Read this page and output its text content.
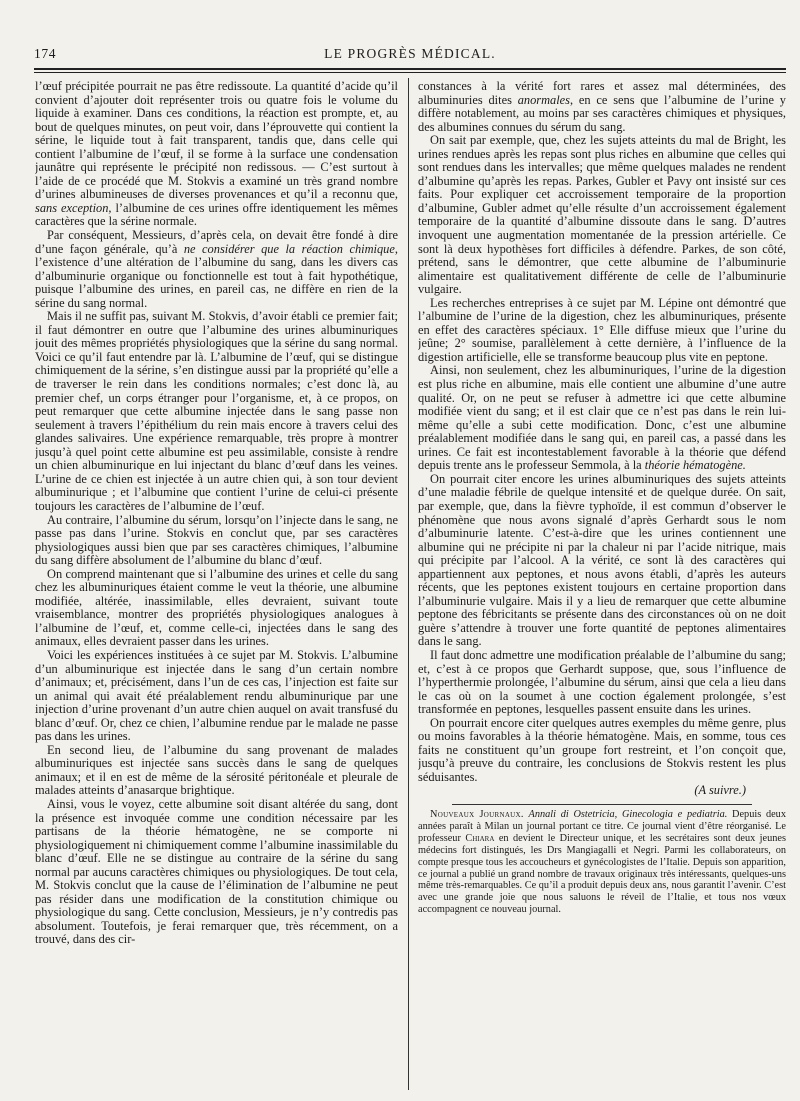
174	LE PROGRÈS MÉDICAL.

l’œuf précipitée pourrait ne pas être redissoute. La quantité d’acide qu’il convient d’ajouter doit représenter trois ou quatre fois le volume du liquide à examiner. Dans ces conditions, la réaction est prompte, et, au bout de quelques minutes, on peut voir, dans l’éprouvette qui contient la sérine, le liquide tout à fait transparent, tandis que, dans celle qui contient l’albumine de l’œuf, il se forme à la surface une condensation jaunâtre qui représente le précipité non redissous. — C’est surtout à l’aide de ce procédé que M. Stokvis a examiné un très grand nombre d’urines albumineuses de diverses provenances et qu’il a reconnu que, sans exception, l’albumine de ces urines offre identiquement les mêmes caractères que la sérine normale.

Par conséquent, Messieurs, d’après cela, on devait être fondé à dire d’une façon générale, qu’à ne considérer que la réaction chimique, l’existence d’une altération de l’albumine du sang, dans les divers cas d’albuminurie organique ou fonctionnelle est tout à fait hypothétique, puisque l’albumine des urines, en pareil cas, ne diffère en rien de la sérine du sang normal.

Mais il ne suffit pas, suivant M. Stokvis, d’avoir établi ce premier fait; il faut démontrer en outre que l’albumine des urines albuminuriques jouit des mêmes propriétés physiologiques que la sérine du sang normal. Voici ce qu’il faut entendre par là. L’albumine de l’œuf, qui se distingue chimiquement de la sérine, s’en distingue aussi par la propriété qu’elle a de traverser le rein dans les conditions normales; c’est donc là, au premier chef, un corps étranger pour l’organisme, et, à ce propos, on peut remarquer que cette albumine injectée dans le sang passe non seulement à travers l’épithélium du rein mais encore à travers celui des glandes salivaires. Une expérience remarquable, très propre à montrer jusqu’à quel point cette albumine est peu assimilable, consiste à rendre un chien albuminurique en lui injectant du blanc d’œuf dans les veines. L’urine de ce chien est injectée à un autre chien qui, à son tour devient albuminurique ; et l’albumine que contient l’urine de celui-ci présente toujours les caractères de l’albumine de l’œuf.

Au contraire, l’albumine du sérum, lorsqu’on l’injecte dans le sang, ne passe pas dans l’urine. Stokvis en conclut que, par ses caractères physiologiques aussi bien que par ses caractères chimiques, l’albumine du sang diffère absolument de l’albumine du blanc d’œuf.

On comprend maintenant que si l’albumine des urines et celle du sang chez les albuminuriques étaient comme le veut la théorie, une albumine modifiée, altérée, inassimilable, elles devraient, suivant toute vraisemblance, montrer des propriétés physiologiques analogues à l’albumine de l’œuf, et, comme celle-ci, injectées dans le sang des animaux, elles devraient passer dans les urines.

Voici les expériences instituées à ce sujet par M. Stokvis. L’albumine d’un albuminurique est injectée dans le sang d’un certain nombre d’animaux; et, précisément, dans l’un de ces cas, l’injection est faite sur un animal qui avait été préalablement rendu albuminurique par une injection d’urine provenant d’un autre chien auquel on avait transfusé du blanc d’œuf. Or, chez ce chien, l’albumine rendue par le malade ne passe pas dans les urines.

En second lieu, de l’albumine du sang provenant de malades albuminuriques est injectée sans succès dans le sang de quelques animaux; et il en est de même de la sérosité péritonéale et pleurale de malades atteints d’anasarque brightique.

Ainsi, vous le voyez, cette albumine soit disant altérée du sang, dont la présence est invoquée comme une condition nécessaire par les partisans de la théorie hématogène, ne se comporte ni physiologiquement ni chimiquement comme l’albumine inassimilable du blanc d’œuf. Elle ne se distingue au contraire de la sérine du sang normal par aucuns caractères chimiques ou physiologiques. De tout cela, M. Stokvis conclut que la cause de l’élimination de l’albumine ne peut pas résider dans une modification de la constitution chimique ou physiologique du sang. Cette conclusion, Messieurs, je n’y contredis pas absolument. Toutefois, je ferai remarquer que, très récemment, on a trouvé, dans des cir-

constances à la vérité fort rares et assez mal déterminées, des albuminuries dites anormales, en ce sens que l’albumine de l’urine y diffère notablement, au moins par ses caractères chimiques et physiques, des albumines connues du sérum du sang.

On sait par exemple, que, chez les sujets atteints du mal de Bright, les urines rendues après les repas sont plus riches en albumine que celles qui sont rendues dans les intervalles; que même quelques malades ne rendent d’albumine qu’après les repas. Parkes, Gubler et Pavy ont insisté sur ces faits. Pour expliquer cet accroissement temporaire de la proportion d’albumine, Gubler admet qu’elle résulte d’un accroissement également temporaire de la quantité d’albumine dissoute dans le sang. D’autres invoquent une augmentation momentanée de la pression artérielle. Ce sont là deux hypothèses fort difficiles à défendre. Parkes, de son côté, prétend, sans le démontrer, que cette albumine de l’albuminurie alimentaire est qualitativement différente de celle de l’albuminurie vulgaire.

Les recherches entreprises à ce sujet par M. Lépine ont démontré que l’albumine de l’urine de la digestion, chez les albuminuriques, présente en effet des caractères spéciaux. 1° Elle diffuse mieux que l’urine du jeûne; 2° soumise, parallèlement à cette dernière, à l’influence de la digestion artificielle, elle se transforme beaucoup plus vite en peptone.

Ainsi, non seulement, chez les albuminuriques, l’urine de la digestion est plus riche en albumine, mais elle contient une albumine d’une autre qualité. Or, on ne peut se refuser à admettre ici que cette albumine modifiée vient du sang; et il est clair que ce n’est pas dans le rein lui-même qu’elle a subi cette modification. Donc, c’est une albumine préalablement modifiée dans le sang qui, en pareil cas, a passé dans les urines. Ce fait est incontestablement favorable à la théorie que défend depuis trente ans le professeur Semmola, à la théorie hématogène.

On pourrait citer encore les urines albuminuriques des sujets atteints d’une maladie fébrile de quelque intensité et de quelque durée. On sait, par exemple, que, dans la fièvre typhoïde, il est commun d’observer le phénomène que nous avons signalé d’après Gerhardt sous le nom d’albuminurie latente. C’est-à-dire que les urines contiennent une albumine qui ne précipite ni par la chaleur ni par l’acide nitrique, mais qui précipite par l’alcool. A la vérité, ce sont là des caractères qui appartiennent aux peptones, et nous avons établi, d’après les auteurs récents, que les peptones existent toujours en certaine proportion dans l’albuminurie vulgaire. Mais il y a lieu de remarquer que cette albumine peptone des fébricitants se présente dans des circonstances où on ne doit guère s’attendre à trouver une forte quantité de peptones alimentaires dans le sang.

Il faut donc admettre une modification préalable de l’albumine du sang; et, c’est à ce propos que Gerhardt suppose, que, sous l’influence de l’hyperthermie prolongée, l’albumine du sérum, ainsi que cela a lieu dans le cas où on la soumet à une coction également prolongée, s’est transformée en peptones, lesquelles passent ensuite dans les urines.

On pourrait encore citer quelques autres exemples du même genre, plus ou moins favorables à la théorie hématogène. Mais, en somme, tous ces faits ne constituent qu’un groupe fort restreint, et l’on conçoit que, jusqu’à preuve du contraire, les conclusions de Stokvis restent les plus séduisantes.

(A suivre.)

Nouveaux Journaux. Annali di Ostetricia, Ginecologia e pediatria. Depuis deux années paraît à Milan un journal portant ce titre. Ce journal vient d’être réorganisé. Le professeur Chiara en devient le Directeur unique, et les secrétaires sont deux jeunes médecins fort distingués, les Drs Mangiagalli et Negri. Parmi les collaborateurs, on compte presque tous les accoucheurs et gynécologistes de l’Italie. Depuis son apparition, ce journal a publié un grand nombre de travaux originaux très intéressants, quelques-uns même très-remarquables. Ce qu’il a produit depuis deux ans, nous garantit l’avenir. C’est avec une grande joie que nous saluons le réveil de l’Italie, et tous nos vœux accompagnent ce nouveau journal.
